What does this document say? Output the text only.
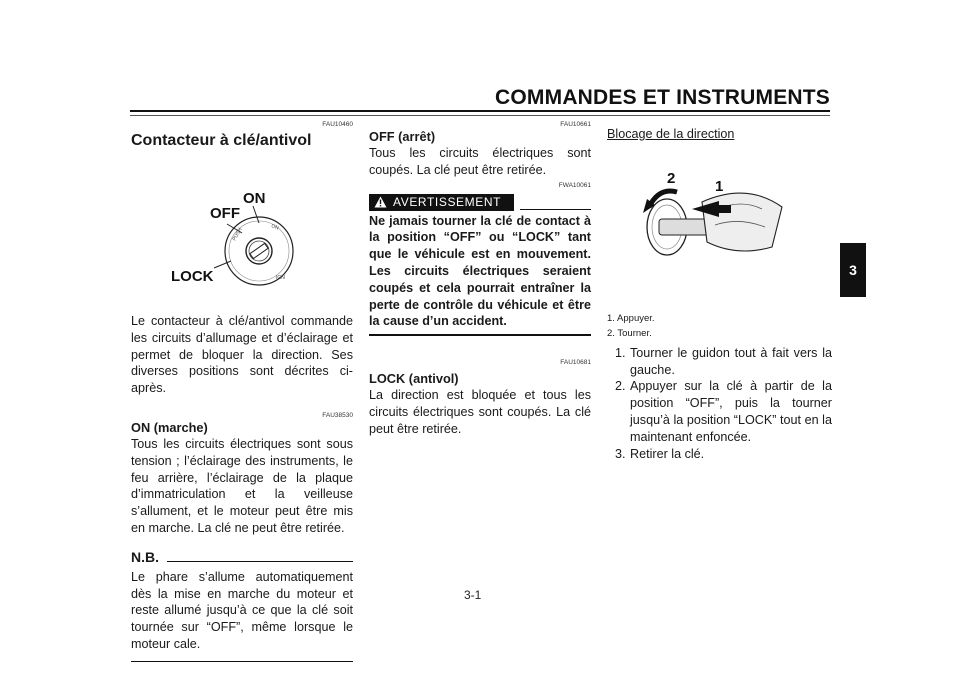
COMMANDES ET INSTRUMENTS
3
FAU10460
Contacteur à clé/antivol
PUSH	ON
IGN
ON
OFF
LOCK

Le contacteur à clé/antivol commande les circuits d’allumage et d’éclairage et permet de bloquer la direction. Ses diverses positions sont décrites ci-après.

FAU38530
ON (marche)

Tous les circuits électriques sont sous tension ; l’éclairage des instruments, le feu arrière, l’éclairage de la plaque d’immatriculation et la veilleuse s’allument, et le moteur peut être mis en marche. La clé ne peut être retirée.

N.B.

Le phare s’allume automatiquement dès la mise en marche du moteur et reste allumé jusqu’à ce que la clé soit tournée sur “OFF”, même lorsque le moteur cale.

FAU10661
OFF (arrêt)

Tous les circuits électriques sont coupés. La clé peut être retirée.

FWA10061
AVERTISSEMENT

Ne jamais tourner la clé de contact à la position “OFF” ou “LOCK” tant que le véhicule est en mouvement. Les circuits électriques seraient coupés et cela pourrait entraîner la perte de contrôle du véhicule et être la cause d’un accident.

FAU10681
LOCK (antivol)

La direction est bloquée et tous les circuits électriques sont coupés. La clé peut être retirée.

Blocage de la direction
2	1
1. Appuyer.
2. Tourner.
1. Tourner le guidon tout à fait vers la gauche.
2. Appuyer sur la clé à partir de la position “OFF”, puis la tourner jusqu’à la position “LOCK” tout en la maintenant enfoncée.
3. Retirer la clé.
3-1
